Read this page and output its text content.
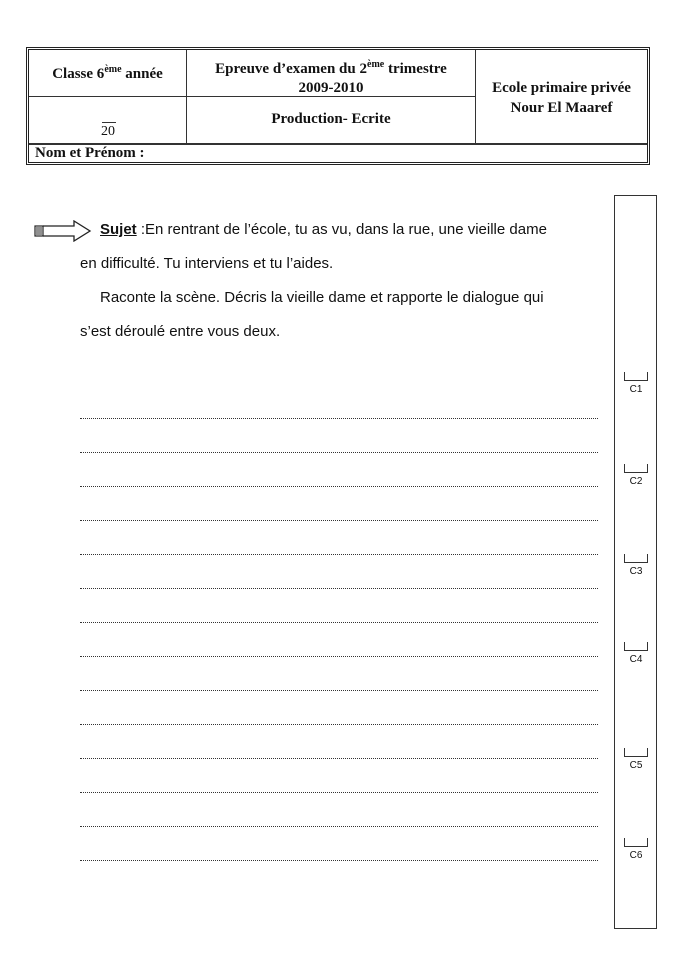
Classe 6ème année
20
Epreuve d’examen du 2ème trimestre
2009-2010
Production- Ecrite
Ecole primaire privée
Nour El Maaref
Nom et Prénom :
Sujet :En rentrant de l’école, tu as vu, dans la rue, une vieille dame
en difficulté. Tu interviens et tu l’aides.
Raconte la scène. Décris la vieille dame et rapporte le dialogue qui
s’est déroulé entre vous deux.
C1
C2
C3
C4
C5
C6
